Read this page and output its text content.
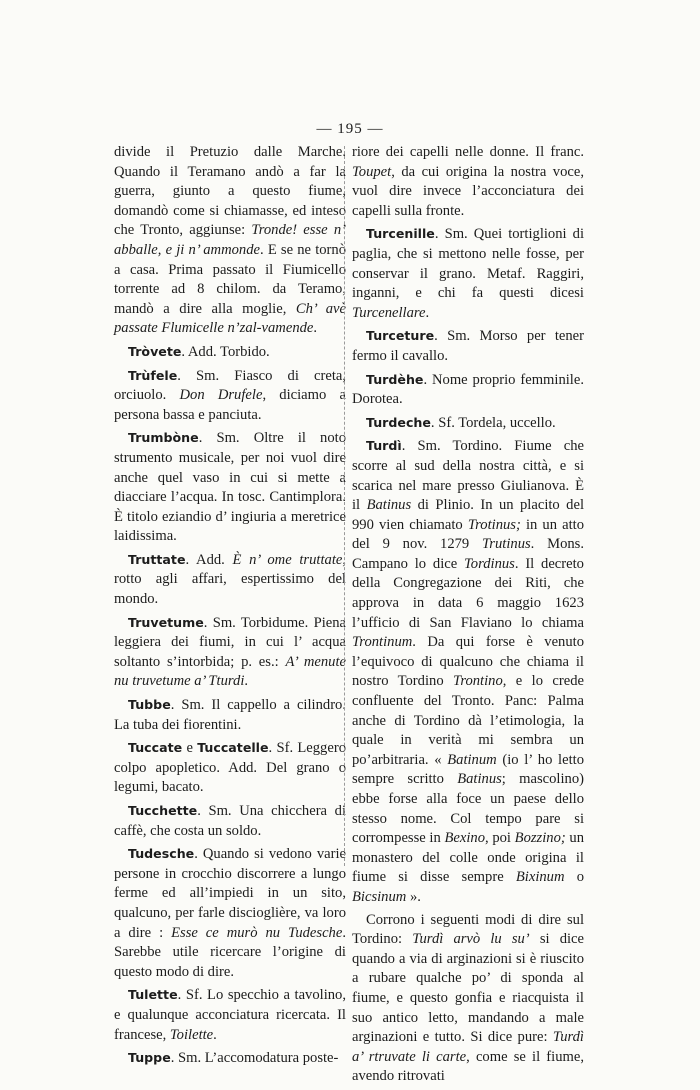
— 195 —

divide il Pretuzio dalle Marche. Quando il Teramano andò a far la guerra, giunto a questo fiume, domandò come si chiamasse, ed inteso che Tronto, aggiunse: Tronde! esse n’ abballe, e ji n’ ammonde. E se ne tornò a casa. Prima passato il Fiumicello torrente ad 8 chilom. da Teramo, mandò a dire alla moglie, Ch’ avè passate Flumicelle n’zal-vamende.

Tròvete. Add. Torbido.

Trùfele. Sm. Fiasco di creta, orciuolo. Don Drufele, diciamo a persona bassa e panciuta.

Trumbòne. Sm. Oltre il noto strumento musicale, per noi vuol dire anche quel vaso in cui si mette a diacciare l’acqua. In tosc. Cantimplora. È titolo eziandio d’ ingiuria a meretrice laidissima.

Truttate. Add. È n’ ome truttate, rotto agli affari, espertissimo del mondo.

Truvetume. Sm. Torbidume. Piena leggiera dei fiumi, in cui l’ acqua soltanto s’intorbida; p. es.: A’ menute nu truvetume a’ Tturdi.

Tubbe. Sm. Il cappello a cilindro. La tuba dei fiorentini.

Tuccate e Tuccatelle. Sf. Leggero colpo apopletico. Add. Del grano o legumi, bacato.

Tucchette. Sm. Una chicchera di caffè, che costa un soldo.

Tudesche. Quando si vedono varie persone in crocchio discorrere a lungo ferme ed all’impiedi in un sito, qualcuno, per farle discioglière, va loro a dire : Esse ce murò nu Tudesche. Sarebbe utile ricercare l’origine di questo modo di dire.

Tulette. Sf. Lo specchio a tavolino, e qualunque acconciatura ricercata. Il francese, Toilette.

Tuppe. Sm. L’accomodatura poste-

riore dei capelli nelle donne. Il franc. Toupet, da cui origina la nostra voce, vuol dire invece l’acconciatura dei capelli sulla fronte.

Turcenille. Sm. Quei tortiglioni di paglia, che si mettono nelle fosse, per conservar il grano. Metaf. Raggiri, inganni, e chi fa questi dicesi Turcenellare.

Turceture. Sm. Morso per tener fermo il cavallo.

Turdèhe. Nome proprio femminile. Dorotea.

Turdeche. Sf. Tordela, uccello.

Turdì. Sm. Tordino. Fiume che scorre al sud della nostra città, e si scarica nel mare presso Giulianova. È il Batinus di Plinio. In un placito del 990 vien chiamato Trotinus; in un atto del 9 nov. 1279 Trutinus. Mons. Campano lo dice Tordinus. Il decreto della Congregazione dei Riti, che approva in data 6 maggio 1623 l’ufficio di San Flaviano lo chiama Trontinum. Da qui forse è venuto l’equivoco di qualcuno che chiama il nostro Tordino Trontino, e lo crede confluente del Tronto. Panc: Palma anche di Tordino dà l’etimologia, la quale in verità mi sembra un po’arbitraria. « Batinum (io l’ ho letto sempre scritto Batinus; mascolino) ebbe forse alla foce un paese dello stesso nome. Col tempo pare si corrompesse in Bexino, poi Bozzino; un monastero del colle onde origina il fiume si disse sempre Bixinum o Bicsinum ».

Corrono i seguenti modi di dire sul Tordino: Turdì arvò lu su’ si dice quando a via di arginazioni si è riuscito a rubare qualche po’ di sponda al fiume, e questo gonfia e riacquista il suo antico letto, mandando a male arginazioni e tutto. Si dice pure: Turdì a’ rtruvate li carte, come se il fiume, avendo ritrovati
